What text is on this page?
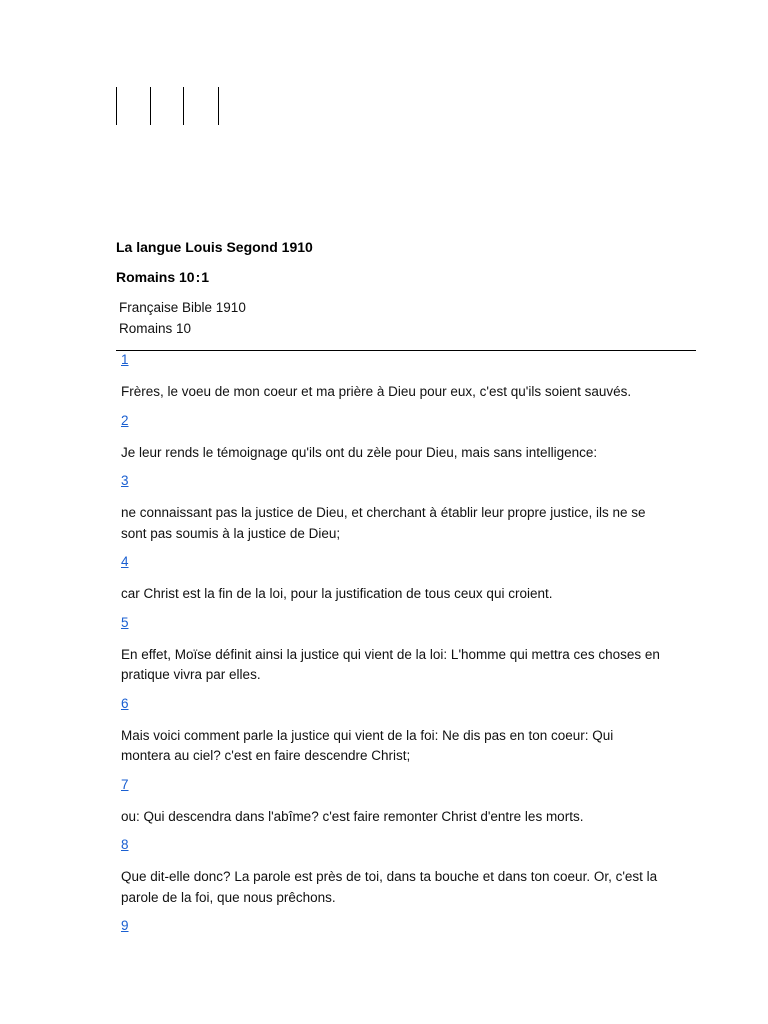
La langue Louis Segond 1910
Romains 10:1
Française Bible 1910
Romains 10
1
Frères, le voeu de mon coeur et ma prière à Dieu pour eux, c'est qu'ils soient sauvés.
2
Je leur rends le témoignage qu'ils ont du zèle pour Dieu, mais sans intelligence:
3
ne connaissant pas la justice de Dieu, et cherchant à établir leur propre justice, ils ne se sont pas soumis à la justice de Dieu;
4
car Christ est la fin de la loi, pour la justification de tous ceux qui croient.
5
En effet, Moïse définit ainsi la justice qui vient de la loi: L'homme qui mettra ces choses en pratique vivra par elles.
6
Mais voici comment parle la justice qui vient de la foi: Ne dis pas en ton coeur: Qui montera au ciel? c'est en faire descendre Christ;
7
ou: Qui descendra dans l'abîme? c'est faire remonter Christ d'entre les morts.
8
Que dit-elle donc? La parole est près de toi, dans ta bouche et dans ton coeur. Or, c'est la parole de la foi, que nous prêchons.
9
